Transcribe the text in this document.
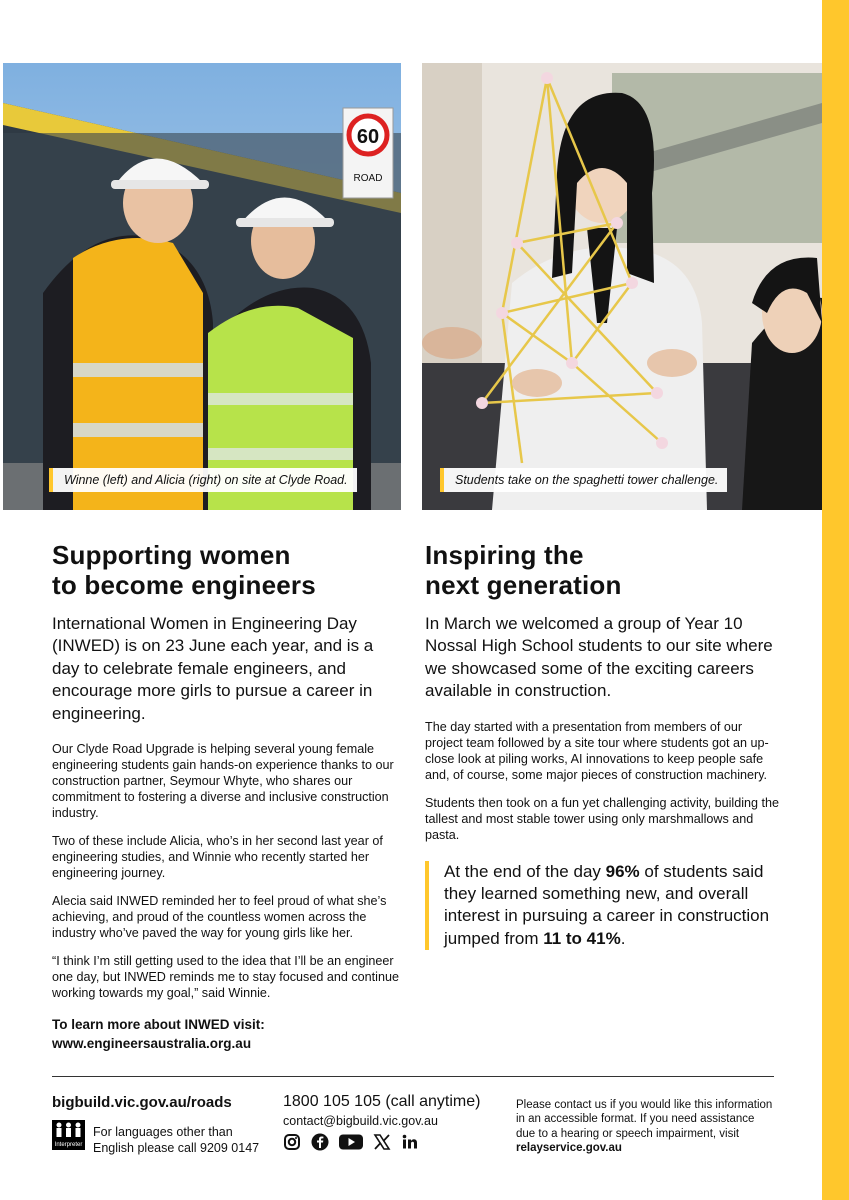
60
ROAD
Winne (left) and Alicia (right) on site at Clyde Road.	Students take on the spaghetti tower challenge.
Supporting women
to become engineers

International Women in Engineering Day (INWED) is on 23 June each year, and is a day to celebrate female engineers, and encourage more girls to pursue a career in engineering.

Our Clyde Road Upgrade is helping several young female engineering students gain hands-on experience thanks to our construction partner, Seymour Whyte, who shares our commitment to fostering a diverse and inclusive construction industry.

Two of these include Alicia, who’s in her second last year of engineering studies, and Winnie who recently started her engineering journey.

Alecia said INWED reminded her to feel proud of what she’s achieving, and proud of the countless women across the industry who’ve paved the way for young girls like her.

“I think I’m still getting used to the idea that I’ll be an engineer one day, but INWED reminds me to stay focused and continue working towards my goal,” said Winnie.

To learn more about INWED visit:
www.engineersaustralia.org.au
Inspiring the
next generation

In March we welcomed a group of Year 10 Nossal High School students to our site where we showcased some of the exciting careers available in construction.

The day started with a presentation from members of our project team followed by a site tour where students got an up-close look at piling works, AI innovations to keep people safe and, of course, some major pieces of construction machinery.

Students then took on a fun yet challenging activity, building the tallest and most stable tower using only marshmallows and pasta.

At the end of the day 96% of students said they learned something new, and overall interest in pursuing a career in construction jumped from 11 to 41%.
bigbuild.vic.gov.au/roads
Interpreter
For languages other than English please call 9209 0147
1800 105 105 (call anytime)
contact@bigbuild.vic.gov.au
Please contact us if you would like this information in an accessible format. If you need assistance due to a hearing or speech impairment, visit relayservice.gov.au
